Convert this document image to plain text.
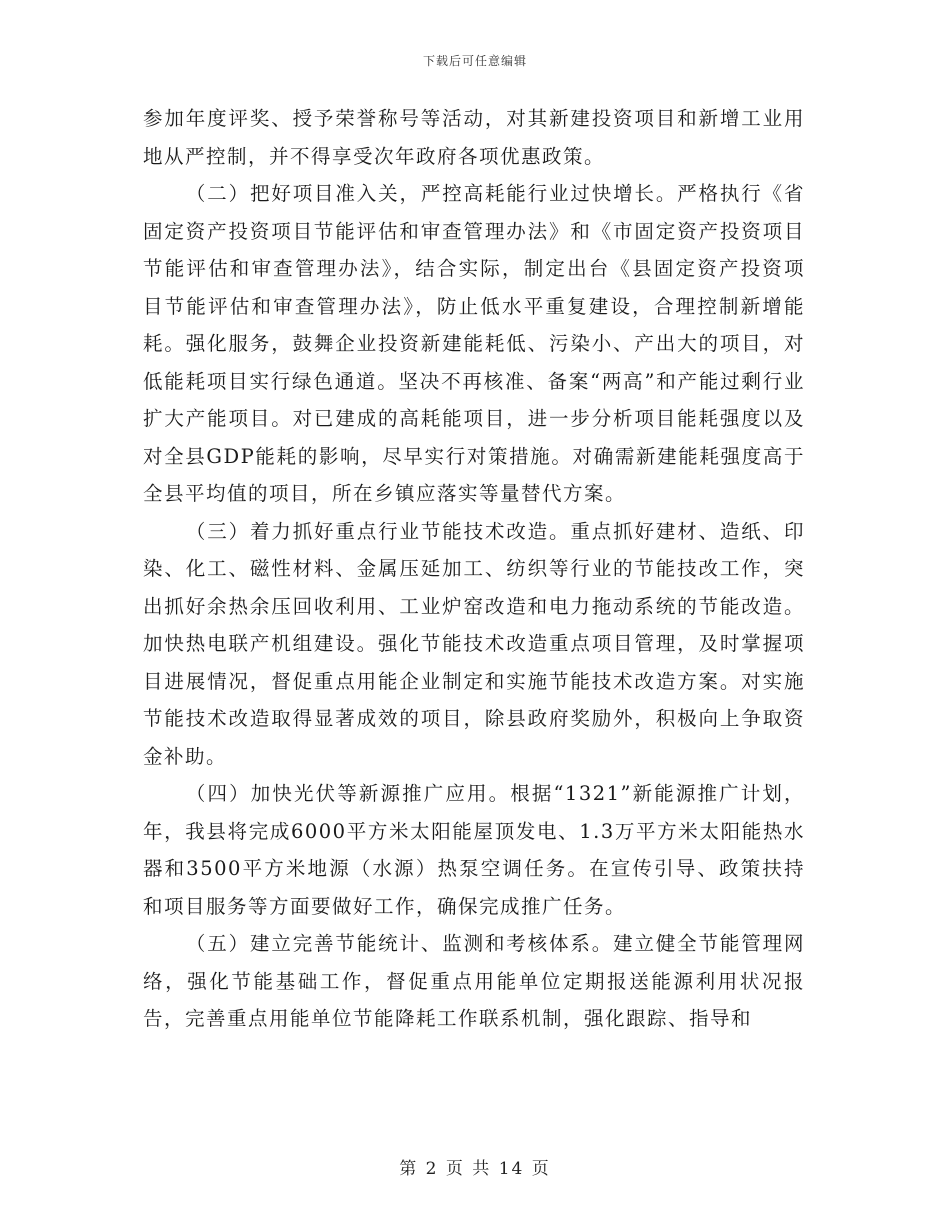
下载后可任意编辑

参加年度评奖、授予荣誉称号等活动，对其新建投资项目和新增工业用地从严控制，并不得享受次年政府各项优惠政策。

（二）把好项目准入关，严控高耗能行业过快增长。严格执行《省固定资产投资项目节能评估和审查管理办法》和《市固定资产投资项目节能评估和审查管理办法》，结合实际，制定出台《县固定资产投资项目节能评估和审查管理办法》，防止低水平重复建设，合理控制新增能耗。强化服务，鼓舞企业投资新建能耗低、污染小、产出大的项目，对低能耗项目实行绿色通道。坚决不再核准、备案“两高”和产能过剩行业扩大产能项目。对已建成的高耗能项目，进一步分析项目能耗强度以及对全县GDP能耗的影响，尽早实行对策措施。对确需新建能耗强度高于全县平均值的项目，所在乡镇应落实等量替代方案。

（三）着力抓好重点行业节能技术改造。重点抓好建材、造纸、印染、化工、磁性材料、金属压延加工、纺织等行业的节能技改工作，突出抓好余热余压回收利用、工业炉窑改造和电力拖动系统的节能改造。加快热电联产机组建设。强化节能技术改造重点项目管理，及时掌握项目进展情况，督促重点用能企业制定和实施节能技术改造方案。对实施节能技术改造取得显著成效的项目，除县政府奖励外，积极向上争取资金补助。

（四）加快光伏等新源推广应用。根据“1321”新能源推广计划，年，我县将完成6000平方米太阳能屋顶发电、1.3万平方米太阳能热水器和3500平方米地源（水源）热泵空调任务。在宣传引导、政策扶持和项目服务等方面要做好工作，确保完成推广任务。

（五）建立完善节能统计、监测和考核体系。建立健全节能管理网络，强化节能基础工作，督促重点用能单位定期报送能源利用状况报告，完善重点用能单位节能降耗工作联系机制，强化跟踪、指导和

第 2 页 共 14 页
